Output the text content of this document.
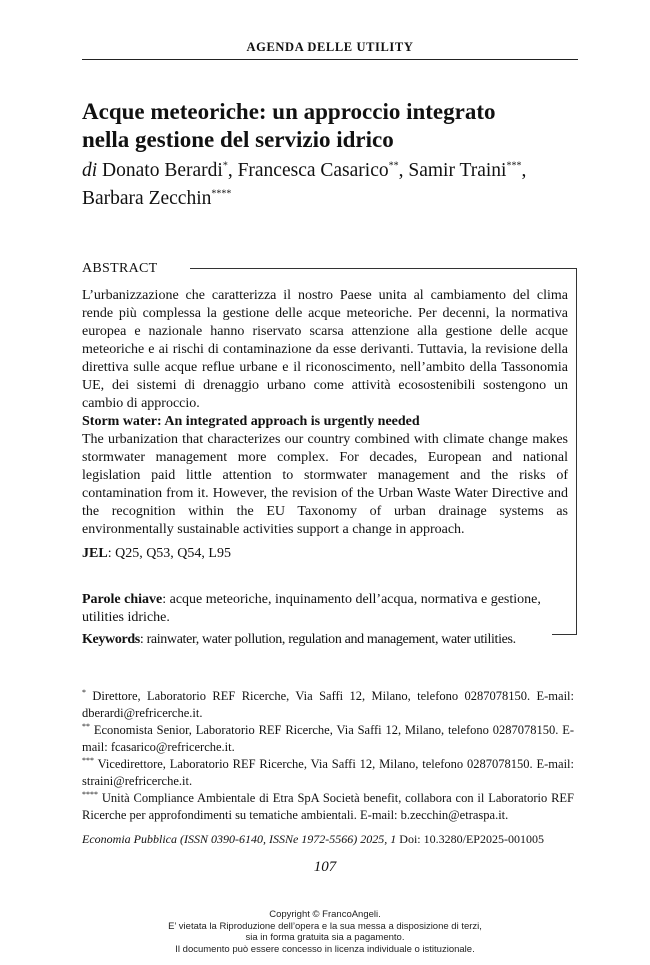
AGENDA DELLE UTILITY
Acque meteoriche: un approccio integrato
nella gestione del servizio idrico
di Donato Berardi*, Francesca Casarico**, Samir Traini***,
Barbara Zecchin****
ABSTRACT

L’urbanizzazione che caratterizza il nostro Paese unita al cambiamento del clima rende più complessa la gestione delle acque meteoriche. Per decenni, la normativa europea e nazionale hanno riservato scarsa attenzione alla gestione delle acque meteoriche e ai rischi di contaminazione da esse derivanti. Tuttavia, la revisione della direttiva sulle acque reflue urbane e il riconoscimento, nell’ambito della Tassonomia UE, dei sistemi di drenaggio urbano come attività ecosostenibili sostengono un cambio di approccio.

Storm water: An integrated approach is urgently needed

The urbanization that characterizes our country combined with climate change makes stormwater management more complex. For decades, European and national legislation paid little attention to stormwater management and the risks of contamination from it. However, the revision of the Urban Waste Water Directive and the recognition within the EU Taxonomy of urban drainage systems as environmentally sustainable activities support a change in approach.

JEL: Q25, Q53, Q54, L95

Parole chiave: acque meteoriche, inquinamento dell’acqua, normativa e gestione, utilities idriche.

Keywords: rainwater, water pollution, regulation and management, water utilities.

* Direttore, Laboratorio REF Ricerche, Via Saffi 12, Milano, telefono 0287078150. E-mail: dberardi@refricerche.it.

** Economista Senior, Laboratorio REF Ricerche, Via Saffi 12, Milano, telefono 0287078150. E-mail: fcasarico@refricerche.it.

*** Vicedirettore, Laboratorio REF Ricerche, Via Saffi 12, Milano, telefono 0287078150. E-mail: straini@refricerche.it.

**** Unità Compliance Ambientale di Etra SpA Società benefit, collabora con il Laboratorio REF Ricerche per approfondimenti su tematiche ambientali. E-mail: b.zecchin@etraspa.it.

Economia Pubblica (ISSN 0390-6140, ISSNe 1972-5566) 2025, 1 Doi: 10.3280/EP2025-001005
107
Copyright © FrancoAngeli.
E’ vietata la Riproduzione dell’opera e la sua messa a disposizione di terzi,
sia in forma gratuita sia a pagamento.
Il documento può essere concesso in licenza individuale o istituzionale.
